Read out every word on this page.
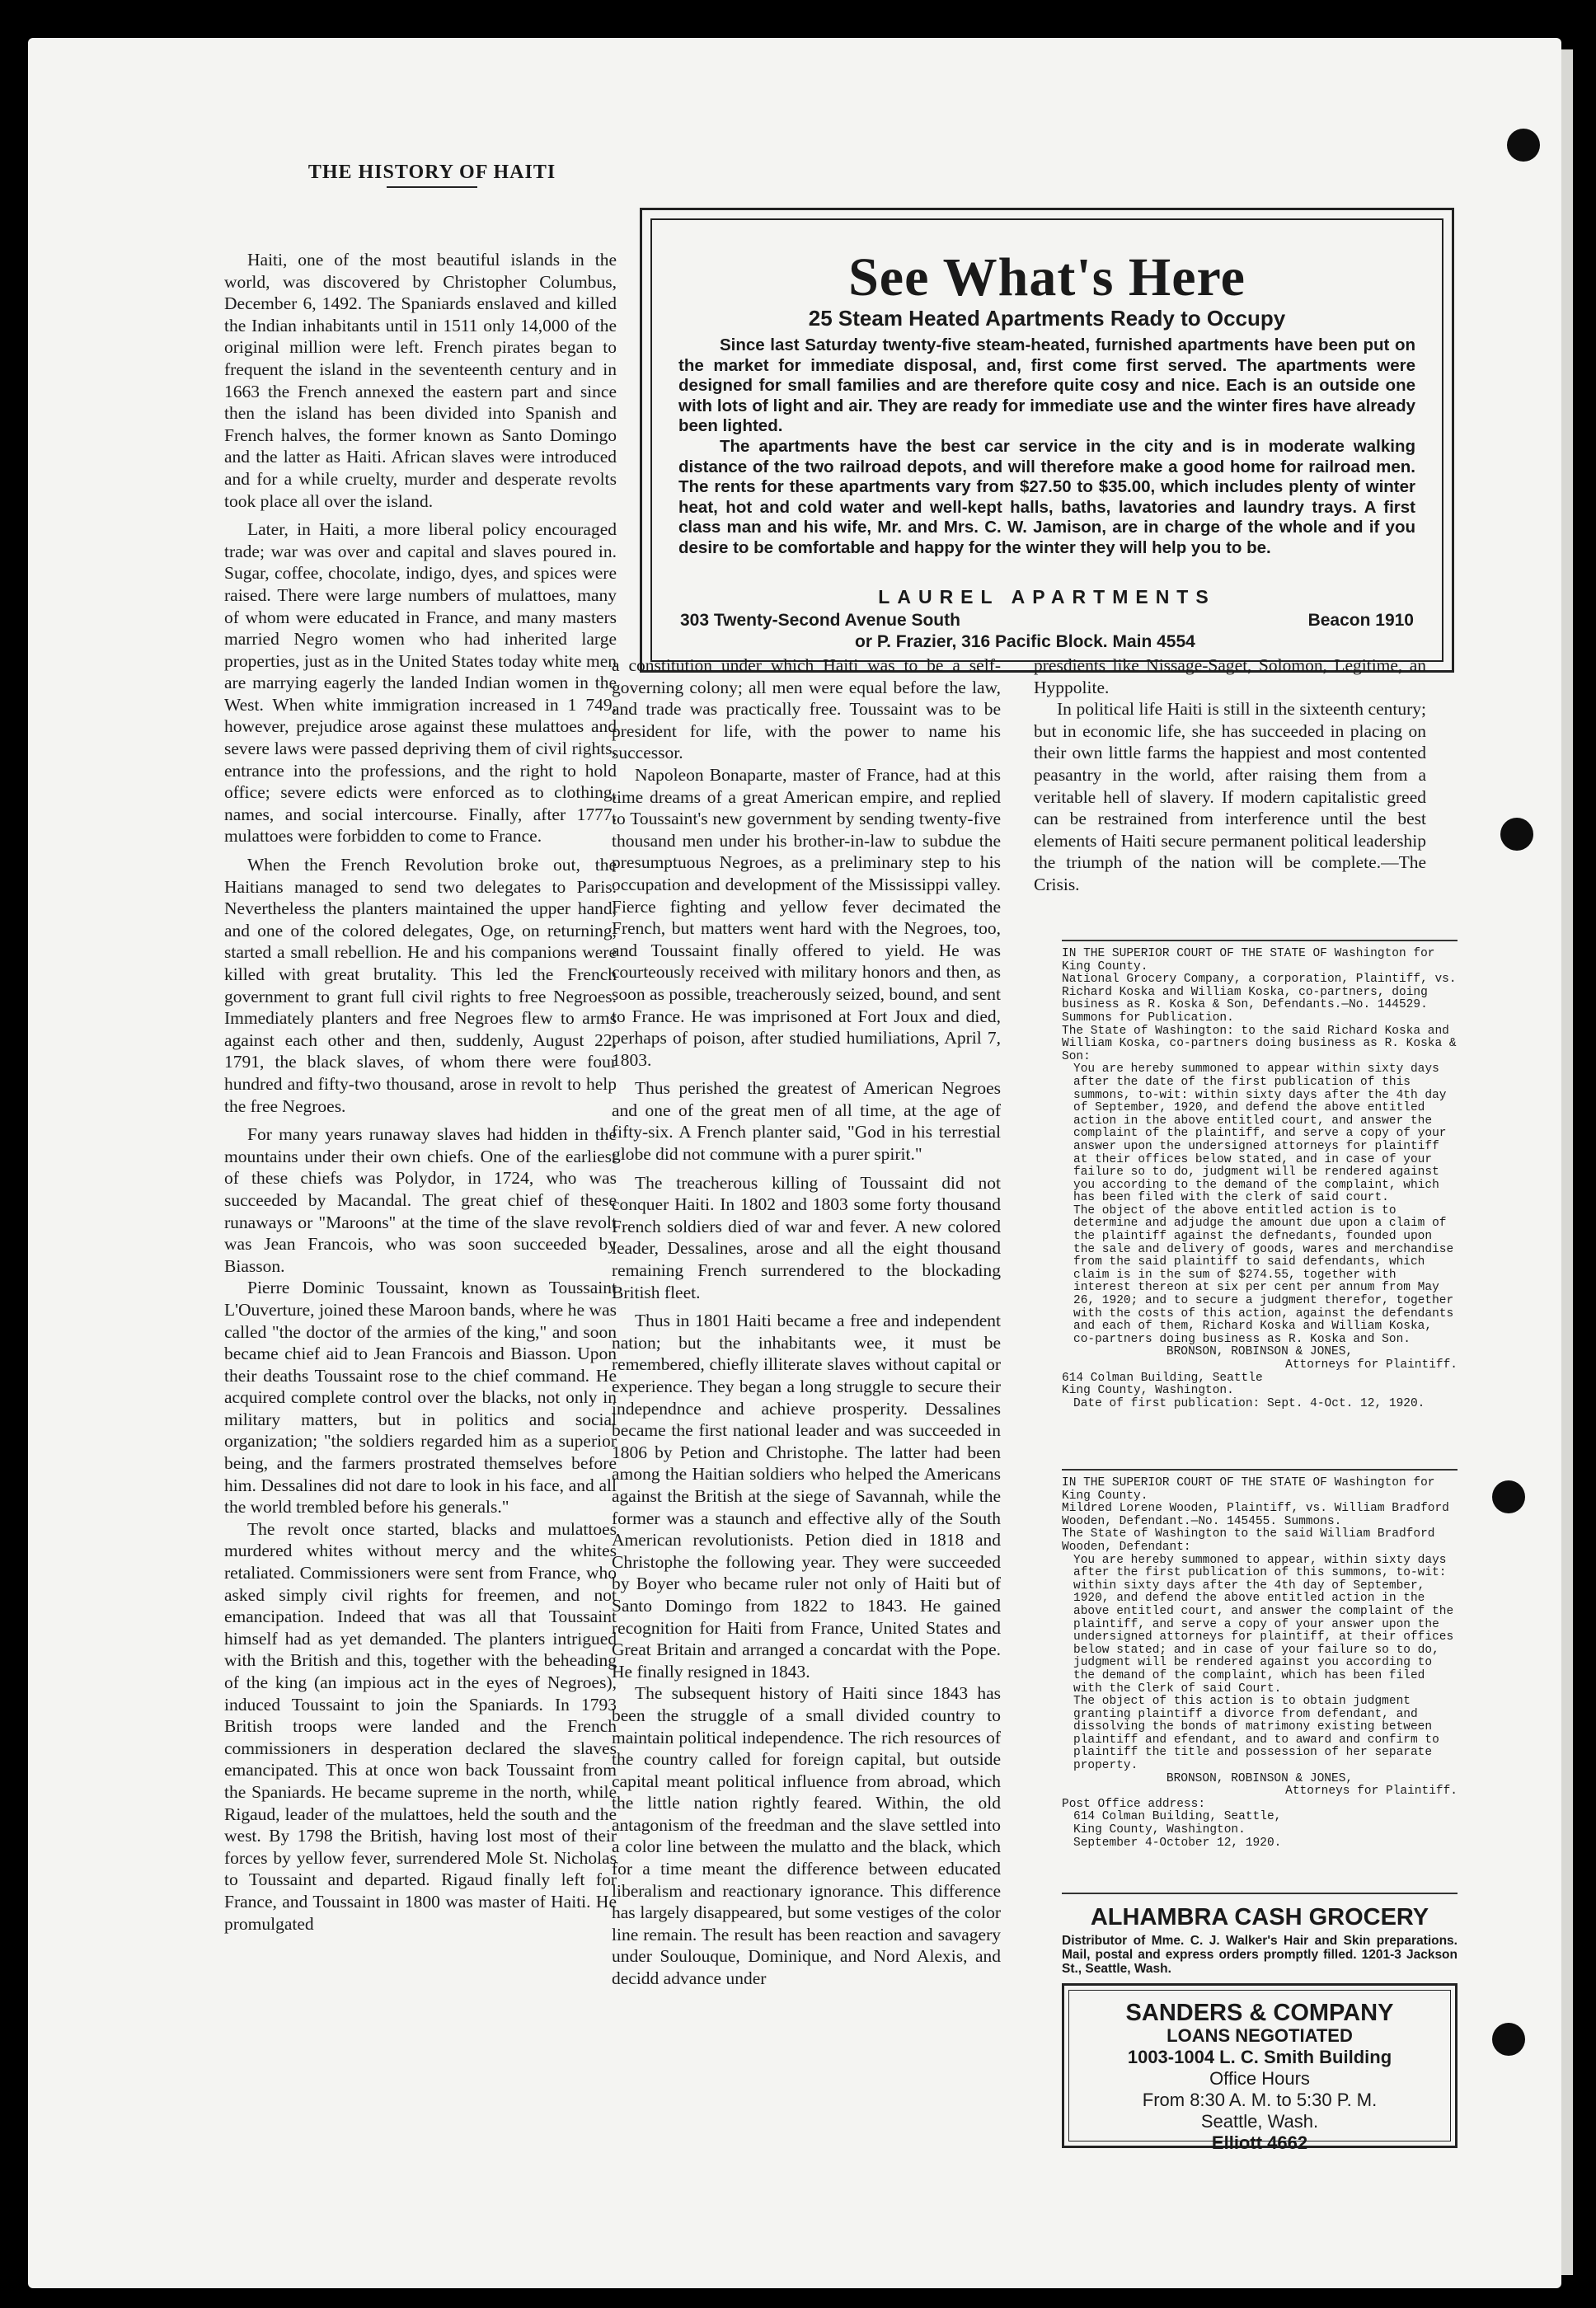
THE HISTORY OF HAITI

Haiti, one of the most beautiful islands in the world, was discovered by Christopher Columbus, December 6, 1492. The Spaniards enslaved and killed the Indian inhabitants until in 1511 only 14,000 of the original million were left. French pirates began to frequent the island in the seventeenth century and in 1663 the French annexed the eastern part and since then the island has been divided into Spanish and French halves, the former known as Santo Domingo and the latter as Haiti. African slaves were introduced and for a while cruelty, murder and desperate revolts took place all over the island.

Later, in Haiti, a more liberal policy encouraged trade; war was over and capital and slaves poured in. Sugar, coffee, chocolate, indigo, dyes, and spices were raised. There were large numbers of mulattoes, many of whom were educated in France, and many masters married Negro women who had inherited large properties, just as in the United States today white men are marrying eagerly the landed Indian women in the West. When white immigration increased in 1 749, however, prejudice arose against these mulattoes and severe laws were passed depriving them of civil rights, entrance into the professions, and the right to hold office; severe edicts were enforced as to clothing, names, and social intercourse. Finally, after 1777, mulattoes were forbidden to come to France.

When the French Revolution broke out, the Haitians managed to send two delegates to Paris. Nevertheless the planters maintained the upper hand, and one of the colored delegates, Oge, on returning, started a small rebellion. He and his companions were killed with great brutality. This led the French government to grant full civil rights to free Negroes. Immediately planters and free Negroes flew to arms against each other and then, suddenly, August 22, 1791, the black slaves, of whom there were four hundred and fifty-two thousand, arose in revolt to help the free Negroes.

For many years runaway slaves had hidden in the mountains under their own chiefs. One of the earliest of these chiefs was Polydor, in 1724, who was succeeded by Macandal. The great chief of these runaways or "Maroons" at the time of the slave revolt was Jean Francois, who was soon succeeded by Biasson.

Pierre Dominic Toussaint, known as Toussaint L'Ouverture, joined these Maroon bands, where he was called "the doctor of the armies of the king," and soon became chief aid to Jean Francois and Biasson. Upon their deaths Toussaint rose to the chief command. He acquired complete control over the blacks, not only in military matters, but in politics and social organization; "the soldiers regarded him as a superior being, and the farmers prostrated themselves before him. Dessalines did not dare to look in his face, and all the world trembled before his generals."

The revolt once started, blacks and mulattoes murdered whites without mercy and the whites retaliated. Commissioners were sent from France, who asked simply civil rights for freemen, and not emancipation. Indeed that was all that Toussaint himself had as yet demanded. The planters intrigued with the British and this, together with the beheading of the king (an impious act in the eyes of Negroes), induced Toussaint to join the Spaniards. In 1793 British troops were landed and the French commissioners in desperation declared the slaves emancipated. This at once won back Toussaint from the Spaniards. He became supreme in the north, while Rigaud, leader of the mulattoes, held the south and the west. By 1798 the British, having lost most of their forces by yellow fever, surrendered Mole St. Nicholas to Toussaint and departed. Rigaud finally left for France, and Toussaint in 1800 was master of Haiti. He promulgated

See What's Here
25 Steam Heated Apartments Ready to Occupy

Since last Saturday twenty-five steam-heated, furnished apartments have been put on the market for immediate disposal, and, first come first served. The apartments were designed for small families and are therefore quite cosy and nice. Each is an outside one with lots of light and air. They are ready for immediate use and the winter fires have already been lighted.

The apartments have the best car service in the city and is in moderate walking distance of the two railroad depots, and will therefore make a good home for railroad men. The rents for these apartments vary from $27.50 to $35.00, which includes plenty of winter heat, hot and cold water and well-kept halls, baths, lavatories and laundry trays. A first class man and his wife, Mr. and Mrs. C. W. Jamison, are in charge of the whole and if you desire to be comfortable and happy for the winter they will help you to be.

LAUREL APARTMENTS
303 Twenty-Second Avenue South	Beacon 1910
or P. Frazier, 316 Pacific Block. Main 4554

a constitution under which Haiti was to be a self-governing colony; all men were equal before the law, and trade was practically free. Toussaint was to be president for life, with the power to name his successor.

Napoleon Bonaparte, master of France, had at this time dreams of a great American empire, and replied to Toussaint's new government by sending twenty-five thousand men under his brother-in-law to subdue the presumptuous Negroes, as a preliminary step to his occupation and development of the Mississippi valley. Fierce fighting and yellow fever decimated the French, but matters went hard with the Negroes, too, and Toussaint finally offered to yield. He was courteously received with military honors and then, as soon as possible, treacherously seized, bound, and sent to France. He was imprisoned at Fort Joux and died, perhaps of poison, after studied humiliations, April 7, 1803.

Thus perished the greatest of American Negroes and one of the great men of all time, at the age of fifty-six. A French planter said, "God in his terrestial globe did not commune with a purer spirit."

The treacherous killing of Toussaint did not conquer Haiti. In 1802 and 1803 some forty thousand French soldiers died of war and fever. A new colored leader, Dessalines, arose and all the eight thousand remaining French surrendered to the blockading British fleet.

Thus in 1801 Haiti became a free and independent nation; but the inhabitants wee, it must be remembered, chiefly illiterate slaves without capital or experience. They began a long struggle to secure their independnce and achieve prosperity. Dessalines became the first national leader and was succeeded in 1806 by Petion and Christophe. The latter had been among the Haitian soldiers who helped the Americans against the British at the siege of Savannah, while the former was a staunch and effective ally of the South American revolutionists. Petion died in 1818 and Christophe the following year. They were succeeded by Boyer who became ruler not only of Haiti but of Santo Domingo from 1822 to 1843. He gained recognition for Haiti from France, United States and Great Britain and arranged a concardat with the Pope. He finally resigned in 1843.

The subsequent history of Haiti since 1843 has been the struggle of a small divided country to maintain political independence. The rich resources of the country called for foreign capital, but outside capital meant political influence from abroad, which the little nation rightly feared. Within, the old antagonism of the freedman and the slave settled into a color line between the mulatto and the black, which for a time meant the difference between educated liberalism and reactionary ignorance. This difference has largely disappeared, but some vestiges of the color line remain. The result has been reaction and savagery under Soulouque, Dominique, and Nord Alexis, and decidd advance under

presdients like Nissage-Saget, Solomon, Legitime, an Hyppolite.

In political life Haiti is still in the sixteenth century; but in economic life, she has succeeded in placing on their own little farms the happiest and most contented peasantry in the world, after raising them from a veritable hell of slavery. If modern capitalistic greed can be restrained from interference until the best elements of Haiti secure permanent political leadership the triumph of the nation will be complete.—The Crisis.

IN THE SUPERIOR COURT OF THE STATE OF Washington for King County.

National Grocery Company, a corporation, Plaintiff, vs. Richard Koska and William Koska, co-partners, doing business as R. Koska & Son, Defendants.—No. 144529. Summons for Publication.

The State of Washington: to the said Richard Koska and William Koska, co-partners doing business as R. Koska & Son:

You are hereby summoned to appear within sixty days after the date of the first publication of this summons, to-wit: within sixty days after the 4th day of September, 1920, and defend the above entitled action in the above entitled court, and answer the complaint of the plaintiff, and serve a copy of your answer upon the undersigned attorneys for plaintiff at their offices below stated, and in case of your failure so to do, judgment will be rendered against you according to the demand of the complaint, which has been filed with the clerk of said court.

The object of the above entitled action is to determine and adjudge the amount due upon a claim of the plaintiff against the defnedants, founded upon the sale and delivery of goods, wares and merchandise from the said plaintiff to said defendants, which claim is in the sum of $274.55, together with interest thereon at six per cent per annum from May 26, 1920; and to secure a judgment therefor, together with the costs of this action, against the defendants and each of them, Richard Koska and William Koska, co-partners doing business as R. Koska and Son.

BRONSON, ROBINSON & JONES,

Attorneys for Plaintiff.

614 Colman Building, Seattle

King County, Washington.

Date of first publication: Sept. 4-Oct. 12, 1920.

IN THE SUPERIOR COURT OF THE STATE OF Washington for King County.

Mildred Lorene Wooden, Plaintiff, vs. William Bradford Wooden, Defendant.—No. 145455. Summons.

The State of Washington to the said William Bradford Wooden, Defendant:

You are hereby summoned to appear, within sixty days after the first publication of this summons, to-wit: within sixty days after the 4th day of September, 1920, and defend the above entitled action in the above entitled court, and answer the complaint of the plaintiff, and serve a copy of your answer upon the undersigned attorneys for plaintiff, at their offices below stated; and in case of your failure so to do, judgment will be rendered against you according to the demand of the complaint, which has been filed with the Clerk of said Court.

The object of this action is to obtain judgment granting plaintiff a divorce from defendant, and dissolving the bonds of matrimony existing between plaintiff and efendant, and to award and confirm to plaintiff the title and possession of her separate property.

BRONSON, ROBINSON & JONES,

Attorneys for Plaintiff.

Post Office address:

614 Colman Building, Seattle,

King County, Washington.

September 4-October 12, 1920.

ALHAMBRA CASH GROCERY
Distributor of Mme. C. J. Walker's Hair and Skin preparations. Mail, postal and express orders promptly filled. 1201-3 Jackson St., Seattle, Wash.
SANDERS & COMPANY
LOANS NEGOTIATED
1003-1004 L. C. Smith Building
Office Hours
From 8:30 A. M. to 5:30 P. M.
Seattle, Wash.
Elliott 4662
